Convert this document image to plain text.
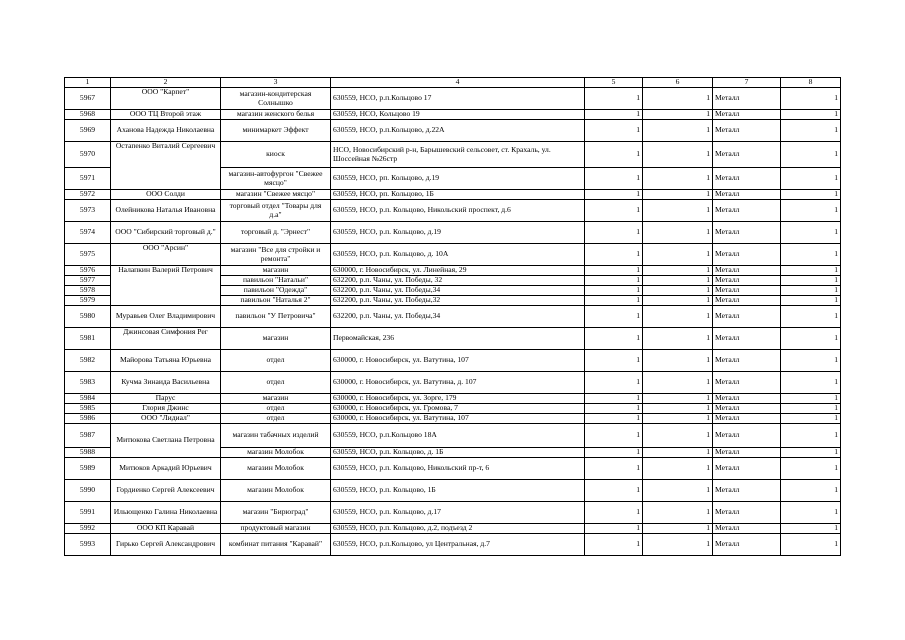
1	2	3	4	5	6	7	8
5967	ООО "Карпет"	магазин-кондитерская Солнышко	630559, НСО, р.п.Кольцово 17	1	1	Металл	1
5968	ООО ТЦ Второй этаж	магазин женского белья	630559, НСО, Кольцово 19	1	1	Металл	1
5969	Аханова Надежда Николаевна	минимаркет Эффект	630559, НСО, р.п.Кольцово, д.22А	1	1	Металл	1
5970	Остапенко Виталий Сергеевич	киоск	НСО, Новосибирский р-н, Барышевский сельсовет, ст. Крахаль, ул. Шоссейная №26стр	1	1	Металл	1
5971		магазин-автофургон "Свежее мясцо"	630559, НСО, рп. Кольцово, д.19	1	1	Металл	1
5972	ООО Солди	магазин "Свежее мясцо"	630559, НСО, рп. Кольцово, 1Б	1	1	Металл	1
5973	Олейникова Наталья Ивановна	торговый отдел "Товары для д.а"	630559, НСО, р.п. Кольцово, Никольский проспект, д.6	1	1	Металл	1
5974	ООО "Сибирский торговый д."	торговый д. "Эрнест"	630559, НСО, р.п. Кольцово, д.19	1	1	Металл	1
5975	ООО "Арсин"	магазин "Все для стройки и ремонта"	630559, НСО, р.п. Кольцово, д. 10А	1	1	Металл	1
5976	Налапкин Валерий Петрович	магазин	630000, г. Новосибирск, ул. Линейная, 29	1	1	Металл	1
5977		павильон "Натальи"	632200, р.п. Чаны, ул. Победы, 32	1	1	Металл	1
5978		павильон "Одежда"	632200, р.п. Чаны, ул. Победы,34	1	1	Металл	1
5979		павильон "Наталья 2"	632200, р.п. Чаны, ул. Победы,32	1	1	Металл	1
5980	Муравьев Олег Владимирович	павильон "У Петровича"	632200, р.п. Чаны, ул. Победы,34	1	1	Металл	1
5981	Джинсовая Симфония Рег	магазин	Первомайская, 236	1	1	Металл	1
5982	Майорова Татьяна Юрьевна	отдел	630000, г. Новосибирск, ул. Ватутина, 107	1	1	Металл	1
5983	Кучма Зинаида Васильевна	отдел	630000, г. Новосибирск, ул. Ватутина, д. 107	1	1	Металл	1
5984	Парус	магазин	630000, г. Новосибирск, ул. Зорге, 179	1	1	Металл	1
5985	Глория Джинс	отдел	630000, г. Новосибирск, ул. Громова, 7	1	1	Металл	1
5986	ООО "Лидиал"	отдел	630000, г. Новосибирск, ул. Ватутина, 107	1	1	Металл	1
5987	Митюкова Светлана Петровна	магазин табачных изделий	630559, НСО, р.п.Кольцово 18А	1	1	Металл	1
5988		магазин Молобок	630559, НСО, р.п. Кольцово, д. 1Б	1	1	Металл	1
5989	Митюков Аркадий Юрьевич	магазин Молобок	630559, НСО, р.п. Кольцово, Никольский пр-т, 6	1	1	Металл	1
5990	Гордиенко Сергей Алексеевич	магазин Молобок	630559, НСО, р.п. Кольцово, 1Б	1	1	Металл	1
5991	Ильющенко Галина Николаевна	магазин "Бирюград"	630559, НСО, р.п. Кольцово, д.17	1	1	Металл	1
5992	ООО КП Каравай	продуктовый магазин	630559, НСО, р.п. Кольцово, д.2, подъезд 2	1	1	Металл	1
5993	Гирько Сергей Александрович	комбинат питания "Каравай"	630559, НСО, р.п.Кольцово, ул Центральная, д.7	1	1	Металл	1
